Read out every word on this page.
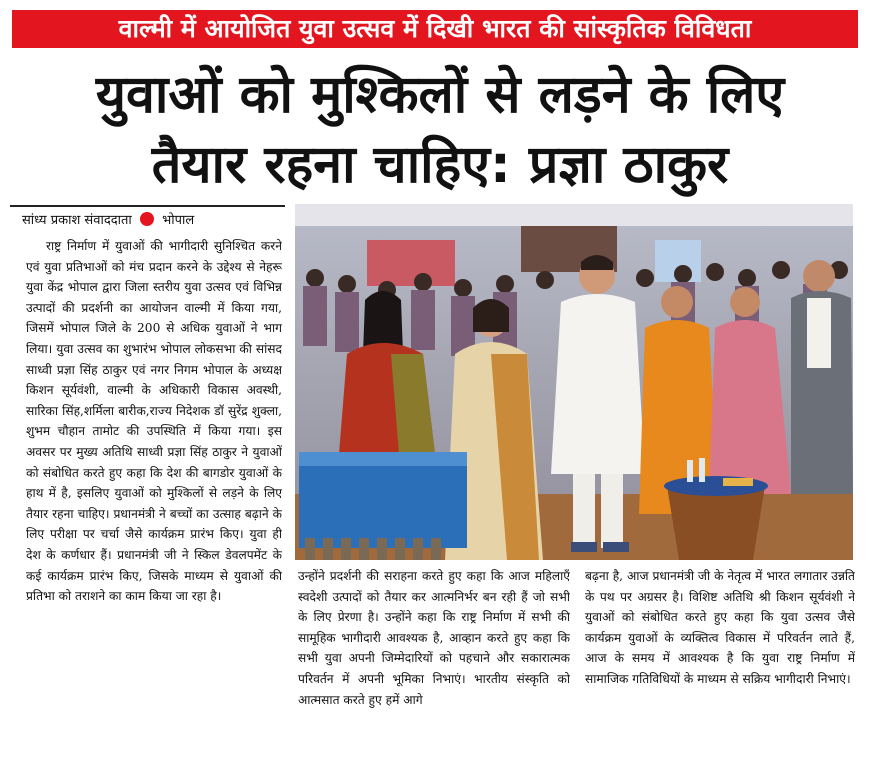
वाल्मी में आयोजित युवा उत्सव में दिखी भारत की सांस्कृतिक विविधता
युवाओं को मुश्किलों से लड़ने के लिए
तैयार रहना चाहिए: प्रज्ञा ठाकुर
सांध्य प्रकाश संवाददाता भोपाल
राष्ट्र निर्माण में युवाओं की भागीदारी सुनिश्चित करने एवं युवा प्रतिभाओं को मंच प्रदान करने के उद्देश्य से नेहरू युवा केंद्र भोपाल द्वारा जिला स्तरीय युवा उत्सव एवं विभिन्न उत्पादों की प्रदर्शनी का आयोजन वाल्मी में किया गया, जिसमें भोपाल जिले के 200 से अधिक युवाओं ने भाग लिया। युवा उत्सव का शुभारंभ भोपाल लोकसभा की सांसद साध्वी प्रज्ञा सिंह ठाकुर एवं नगर निगम भोपाल के अध्यक्ष किशन सूर्यवंशी, वाल्मी के अधिकारी विकास अवस्थी, सारिका सिंह,शर्मिला बारीक,राज्य निदेशक डॉ सुरेंद्र शुक्ला, शुभम चौहान तामोट की उपस्थिति में किया गया। इस अवसर पर मुख्य अतिथि साध्वी प्रज्ञा सिंह ठाकुर ने युवाओं को संबोधित करते हुए कहा कि देश की बागडोर युवाओं के हाथ में है, इसलिए युवाओं को मुश्किलों से लड़ने के लिए तैयार रहना चाहिए। प्रधानमंत्री ने बच्चों का उत्साह बढ़ाने के लिए परीक्षा पर चर्चा जैसे कार्यक्रम प्रारंभ किए। युवा ही देश के कर्णधार हैं। प्रधानमंत्री जी ने स्किल डेवलपमेंट के कई कार्यक्रम प्रारंभ किए, जिसके माध्यम से युवाओं की प्रतिभा को तराशने का काम किया जा रहा है।
उन्होंने प्रदर्शनी की सराहना करते हुए कहा कि आज महिलाएँ स्वदेशी उत्पादों को तैयार कर आत्मनिर्भर बन रही हैं जो सभी के लिए प्रेरणा है। उन्होंने कहा कि राष्ट्र निर्माण में सभी की सामूहिक भागीदारी आवश्यक है, आव्हान करते हुए कहा कि सभी युवा अपनी जिम्मेदारियों को पहचाने और सकारात्मक परिवर्तन में अपनी भूमिका निभाएं। भारतीय संस्कृति को आत्मसात करते हुए हमें आगे
बढ़ना है, आज प्रधानमंत्री जी के नेतृत्व में भारत लगातार उन्नति के पथ पर अग्रसर है। विशिष्ट अतिथि श्री किशन सूर्यवंशी ने युवाओं को संबोधित करते हुए कहा कि युवा उत्सव जैसे कार्यक्रम युवाओं के व्यक्तित्व विकास में परिवर्तन लाते हैं, आज के समय में आवश्यक है कि युवा राष्ट्र निर्माण में सामाजिक गतिविधियों के माध्यम से सक्रिय भागीदारी निभाएं।
